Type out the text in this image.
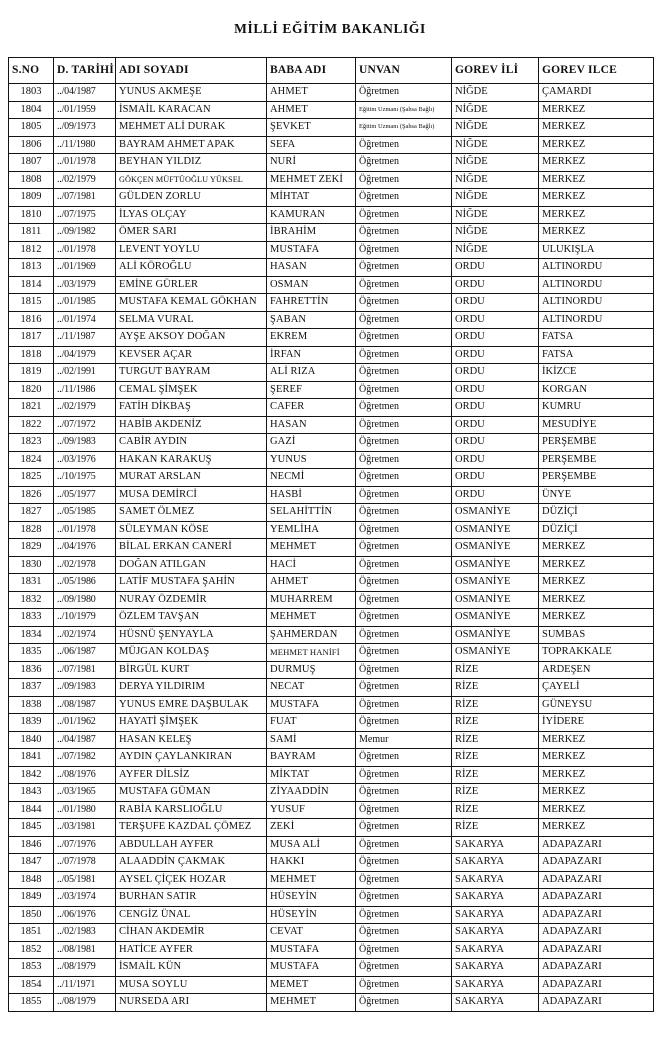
MİLLİ EĞİTİM BAKANLIĞI
S.NO	D. TARİHİ	ADI SOYADI	BABA ADI	UNVAN	GOREV İLİ	GOREV ILCE
1803	../04/1987	YUNUS AKMEŞE	AHMET	Öğretmen	NİĞDE	ÇAMARDI
1804	../01/1959	İSMAİL KARACAN	AHMET	Eğitim Uzmanı (Şahsa Bağlı)	NİĞDE	MERKEZ
1805	../09/1973	MEHMET ALİ DURAK	ŞEVKET	Eğitim Uzmanı (Şahsa Bağlı)	NİĞDE	MERKEZ
1806	../11/1980	BAYRAM AHMET APAK	SEFA	Öğretmen	NİĞDE	MERKEZ
1807	../01/1978	BEYHAN YILDIZ	NURİ	Öğretmen	NİĞDE	MERKEZ
1808	../02/1979	GÖKÇEN MÜFTÜOĞLU YÜKSEL	MEHMET ZEKİ	Öğretmen	NİĞDE	MERKEZ
1809	../07/1981	GÜLDEN ZORLU	MİHTAT	Öğretmen	NİĞDE	MERKEZ
1810	../07/1975	İLYAS OLÇAY	KAMURAN	Öğretmen	NİĞDE	MERKEZ
1811	../09/1982	ÖMER SARI	İBRAHİM	Öğretmen	NİĞDE	MERKEZ
1812	../01/1978	LEVENT YOYLU	MUSTAFA	Öğretmen	NİĞDE	ULUKIŞLA
1813	../01/1969	ALİ KÖROĞLU	HASAN	Öğretmen	ORDU	ALTINORDU
1814	../03/1979	EMİNE GÜRLER	OSMAN	Öğretmen	ORDU	ALTINORDU
1815	../01/1985	MUSTAFA KEMAL GÖKHAN	FAHRETTİN	Öğretmen	ORDU	ALTINORDU
1816	../01/1974	SELMA VURAL	ŞABAN	Öğretmen	ORDU	ALTINORDU
1817	../11/1987	AYŞE AKSOY DOĞAN	EKREM	Öğretmen	ORDU	FATSA
1818	../04/1979	KEVSER AÇAR	İRFAN	Öğretmen	ORDU	FATSA
1819	../02/1991	TURGUT BAYRAM	ALİ RIZA	Öğretmen	ORDU	İKİZCE
1820	../11/1986	CEMAL ŞİMŞEK	ŞEREF	Öğretmen	ORDU	KORGAN
1821	../02/1979	FATİH DİKBAŞ	CAFER	Öğretmen	ORDU	KUMRU
1822	../07/1972	HABİB AKDENİZ	HASAN	Öğretmen	ORDU	MESUDİYE
1823	../09/1983	CABİR AYDIN	GAZİ	Öğretmen	ORDU	PERŞEMBE
1824	../03/1976	HAKAN KARAKUŞ	YUNUS	Öğretmen	ORDU	PERŞEMBE
1825	../10/1975	MURAT ARSLAN	NECMİ	Öğretmen	ORDU	PERŞEMBE
1826	../05/1977	MUSA DEMİRCİ	HASBİ	Öğretmen	ORDU	ÜNYE
1827	../05/1985	SAMET ÖLMEZ	SELAHİTTİN	Öğretmen	OSMANİYE	DÜZİÇİ
1828	../01/1978	SÜLEYMAN KÖSE	YEMLİHA	Öğretmen	OSMANİYE	DÜZİÇİ
1829	../04/1976	BİLAL ERKAN CANERİ	MEHMET	Öğretmen	OSMANİYE	MERKEZ
1830	../02/1978	DOĞAN ATILGAN	HACİ	Öğretmen	OSMANİYE	MERKEZ
1831	../05/1986	LATİF MUSTAFA ŞAHİN	AHMET	Öğretmen	OSMANİYE	MERKEZ
1832	../09/1980	NURAY ÖZDEMİR	MUHARREM	Öğretmen	OSMANİYE	MERKEZ
1833	../10/1979	ÖZLEM TAVŞAN	MEHMET	Öğretmen	OSMANİYE	MERKEZ
1834	../02/1974	HÜSNÜ ŞENYAYLA	ŞAHMERDAN	Öğretmen	OSMANİYE	SUMBAS
1835	../06/1987	MÜJGAN KOLDAŞ	MEHMET HANİFİ	Öğretmen	OSMANİYE	TOPRAKKALE
1836	../07/1981	BİRGÜL KURT	DURMUŞ	Öğretmen	RİZE	ARDEŞEN
1837	../09/1983	DERYA YILDIRIM	NECAT	Öğretmen	RİZE	ÇAYELİ
1838	../08/1987	YUNUS EMRE DAŞBULAK	MUSTAFA	Öğretmen	RİZE	GÜNEYSU
1839	../01/1962	HAYATİ ŞİMŞEK	FUAT	Öğretmen	RİZE	İYİDERE
1840	../04/1987	HASAN KELEŞ	SAMİ	Memur	RİZE	MERKEZ
1841	../07/1982	AYDIN ÇAYLANKIRAN	BAYRAM	Öğretmen	RİZE	MERKEZ
1842	../08/1976	AYFER DİLSİZ	MİKTAT	Öğretmen	RİZE	MERKEZ
1843	../03/1965	MUSTAFA GÜMAN	ZİYAADDİN	Öğretmen	RİZE	MERKEZ
1844	../01/1980	RABİA KARSLIOĞLU	YUSUF	Öğretmen	RİZE	MERKEZ
1845	../03/1981	TERŞUFE KAZDAL ÇÖMEZ	ZEKİ	Öğretmen	RİZE	MERKEZ
1846	../07/1976	ABDULLAH AYFER	MUSA ALİ	Öğretmen	SAKARYA	ADAPAZARI
1847	../07/1978	ALAADDİN ÇAKMAK	HAKKI	Öğretmen	SAKARYA	ADAPAZARI
1848	../05/1981	AYSEL ÇİÇEK HOZAR	MEHMET	Öğretmen	SAKARYA	ADAPAZARI
1849	../03/1974	BURHAN SATIR	HÜSEYİN	Öğretmen	SAKARYA	ADAPAZARI
1850	../06/1976	CENGİZ ÜNAL	HÜSEYİN	Öğretmen	SAKARYA	ADAPAZARI
1851	../02/1983	CİHAN AKDEMİR	CEVAT	Öğretmen	SAKARYA	ADAPAZARI
1852	../08/1981	HATİCE AYFER	MUSTAFA	Öğretmen	SAKARYA	ADAPAZARI
1853	../08/1979	İSMAİL KÜN	MUSTAFA	Öğretmen	SAKARYA	ADAPAZARI
1854	../11/1971	MUSA SOYLU	MEMET	Öğretmen	SAKARYA	ADAPAZARI
1855	../08/1979	NURSEDA ARI	MEHMET	Öğretmen	SAKARYA	ADAPAZARI
